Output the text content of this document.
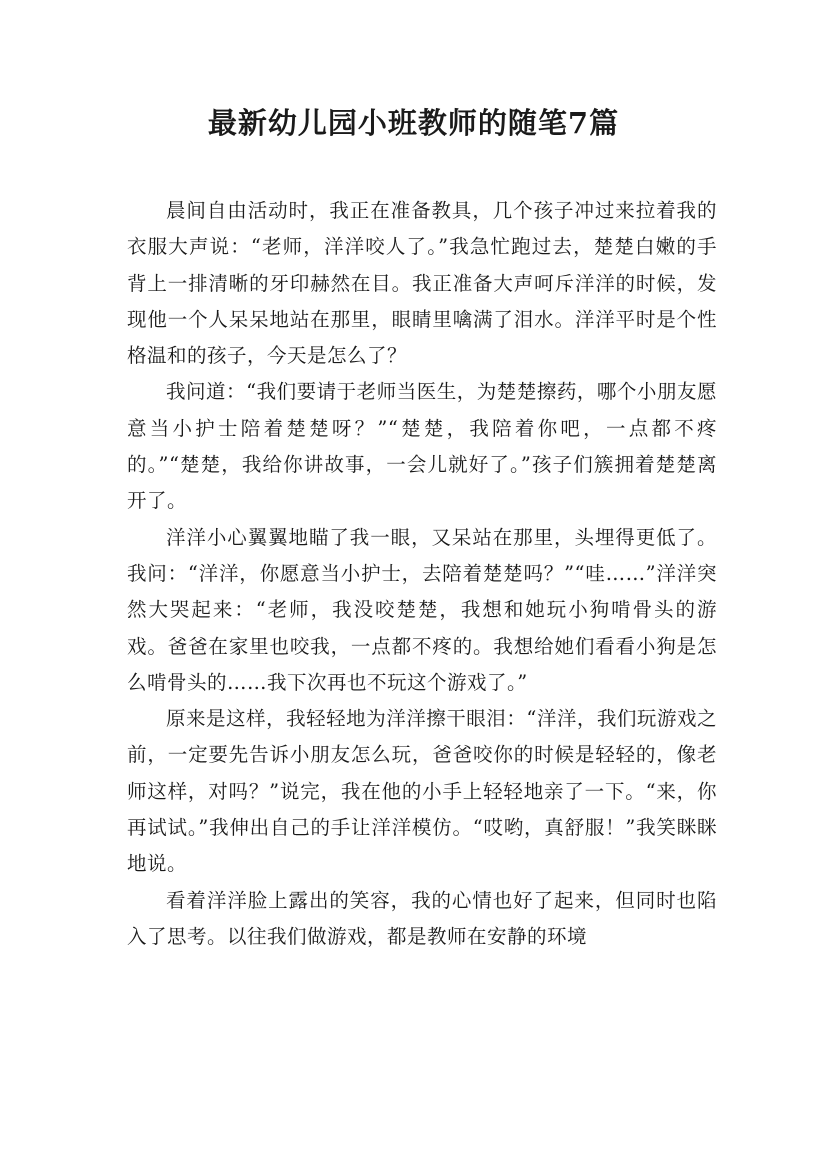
最新幼儿园小班教师的随笔7篇

晨间自由活动时，我正在准备教具，几个孩子冲过来拉着我的衣服大声说：“老师，洋洋咬人了。”我急忙跑过去，楚楚白嫩的手背上一排清晰的牙印赫然在目。我正准备大声呵斥洋洋的时候，发现他一个人呆呆地站在那里，眼睛里噙满了泪水。洋洋平时是个性格温和的孩子，今天是怎么了？

我问道：“我们要请于老师当医生，为楚楚擦药，哪个小朋友愿意当小护士陪着楚楚呀？”“楚楚，我陪着你吧，一点都不疼的。”“楚楚，我给你讲故事，一会儿就好了。”孩子们簇拥着楚楚离开了。

洋洋小心翼翼地瞄了我一眼，又呆站在那里，头埋得更低了。我问：“洋洋，你愿意当小护士，去陪着楚楚吗？”“哇……”洋洋突然大哭起来：“老师，我没咬楚楚，我想和她玩小狗啃骨头的游戏。爸爸在家里也咬我，一点都不疼的。我想给她们看看小狗是怎么啃骨头的……我下次再也不玩这个游戏了。”

原来是这样，我轻轻地为洋洋擦干眼泪：“洋洋，我们玩游戏之前，一定要先告诉小朋友怎么玩，爸爸咬你的时候是轻轻的，像老师这样，对吗？”说完，我在他的小手上轻轻地亲了一下。“来，你再试试。”我伸出自己的手让洋洋模仿。“哎哟，真舒服！”我笑眯眯地说。

看着洋洋脸上露出的笑容，我的心情也好了起来，但同时也陷入了思考。以往我们做游戏，都是教师在安静的环境
